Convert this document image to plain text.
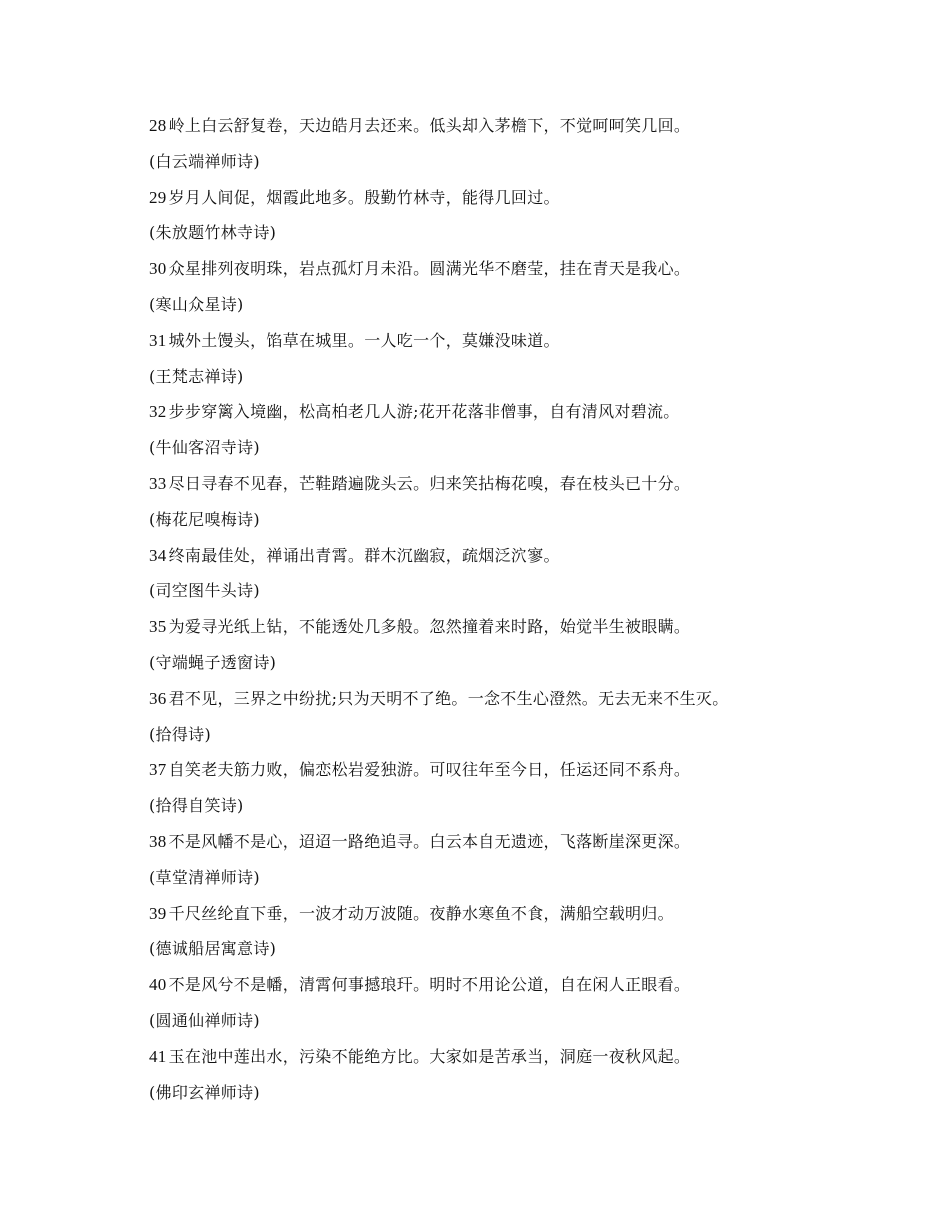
28 岭上白云舒复卷，天边皓月去还来。低头却入茅檐下，不觉呵呵笑几回。
(白云端禅师诗)
29 岁月人间促，烟霞此地多。殷勤竹林寺，能得几回过。
(朱放题竹林寺诗)
30 众星排列夜明珠，岩点孤灯月未沿。圆满光华不磨莹，挂在青天是我心。
(寒山众星诗)
31 城外土馒头，馅草在城里。一人吃一个，莫嫌没味道。
(王梵志禅诗)
32 步步穿篱入境幽，松高柏老几人游;花开花落非僧事，自有清风对碧流。
(牛仙客沼寺诗)
33 尽日寻春不见春，芒鞋踏遍陇头云。归来笑拈梅花嗅，春在枝头已十分。
(梅花尼嗅梅诗)
34 终南最佳处，禅诵出青霄。群木沉幽寂，疏烟泛泬寥。
(司空图牛头诗)
35 为爱寻光纸上钻，不能透处几多般。忽然撞着来时路，始觉半生被眼瞒。
(守端蝇子透窗诗)
36 君不见，三界之中纷扰;只为天明不了绝。一念不生心澄然。无去无来不生灭。
(拾得诗)
37 自笑老夫筋力败，偏恋松岩爱独游。可叹往年至今日，任运还同不系舟。
(拾得自笑诗)
38 不是风幡不是心，迢迢一路绝追寻。白云本自无遗迹，飞落断崖深更深。
(草堂清禅师诗)
39 千尺丝纶直下垂，一波才动万波随。夜静水寒鱼不食，满船空载明归。
(德诚船居寓意诗)
40 不是风兮不是幡，清霄何事撼琅玕。明时不用论公道，自在闲人正眼看。
(圆通仙禅师诗)
41 玉在池中莲出水，污染不能绝方比。大家如是苦承当，洞庭一夜秋风起。
(佛印玄禅师诗)
